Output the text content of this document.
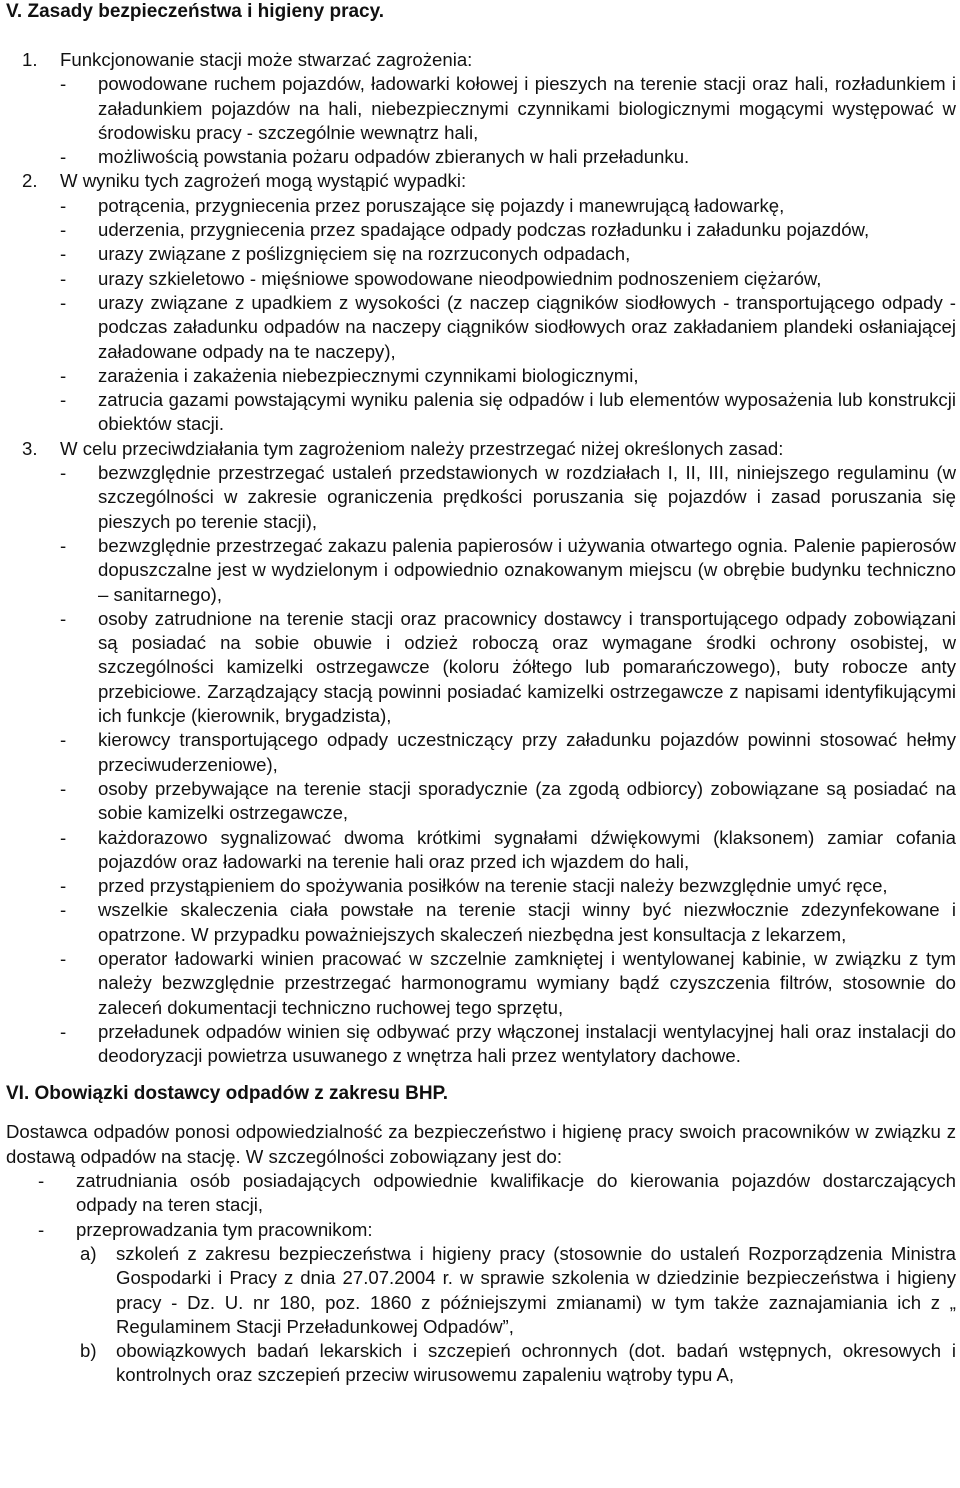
V. Zasady bezpieczeństwa i higieny pracy.
1.	Funkcjonowanie stacji może stwarzać zagrożenia:

-	powodowane ruchem pojazdów, ładowarki kołowej i pieszych na terenie stacji oraz hali, rozładunkiem i załadunkiem pojazdów na hali, niebezpiecznymi czynnikami biologicznymi mogącymi występować w środowisku pracy - szczególnie wewnątrz hali,
-	możliwością powstania pożaru odpadów zbieranych w hali przeładunku.
2.	W wyniku tych zagrożeń mogą wystąpić wypadki:

-	potrącenia, przygniecenia przez poruszające się pojazdy i manewrującą ładowarkę,
-	uderzenia, przygniecenia przez spadające odpady podczas rozładunku i załadunku pojazdów,
-	urazy związane z poślizgnięciem się na rozrzuconych odpadach,
-	urazy szkieletowo - mięśniowe spowodowane nieodpowiednim podnoszeniem ciężarów,
-	urazy związane z upadkiem z wysokości (z naczep ciągników siodłowych - transportującego odpady - podczas załadunku odpadów na naczepy ciągników siodłowych oraz zakładaniem plandeki osłaniającej załadowane odpady na te naczepy),
-	zarażenia i zakażenia niebezpiecznymi czynnikami biologicznymi,
-	zatrucia gazami powstającymi wyniku palenia się odpadów i lub elementów wyposażenia lub konstrukcji obiektów stacji.
3.	W celu przeciwdziałania tym zagrożeniom należy przestrzegać niżej określonych zasad:

-	bezwzględnie przestrzegać ustaleń przedstawionych w rozdziałach I, II, III, niniejszego regulaminu (w szczególności w zakresie ograniczenia prędkości poruszania się pojazdów i zasad poruszania się pieszych po terenie stacji),
-	bezwzględnie przestrzegać zakazu palenia papierosów i używania otwartego ognia. Palenie papierosów dopuszczalne jest w wydzielonym i odpowiednio oznakowanym miejscu (w obrębie budynku techniczno – sanitarnego),
-	osoby zatrudnione na terenie stacji oraz pracownicy dostawcy i transportującego odpady zobowiązani są posiadać na sobie obuwie i odzież roboczą oraz wymagane środki ochrony osobistej, w szczególności kamizelki ostrzegawcze (koloru żółtego lub pomarańczowego), buty robocze anty przebiciowe. Zarządzający stacją powinni posiadać kamizelki ostrzegawcze z napisami identyfikującymi ich funkcje (kierownik, brygadzista),
-	kierowcy transportującego odpady uczestniczący przy załadunku pojazdów powinni stosować hełmy przeciwuderzeniowe),
-	osoby przebywające na terenie stacji sporadycznie (za zgodą odbiorcy) zobowiązane są posiadać na sobie kamizelki ostrzegawcze,
-	każdorazowo sygnalizować dwoma krótkimi sygnałami dźwiękowymi (klaksonem) zamiar cofania pojazdów oraz ładowarki na terenie hali oraz przed ich wjazdem do hali,
-	przed przystąpieniem do spożywania posiłków na terenie stacji należy bezwzględnie umyć ręce,
-	wszelkie skaleczenia ciała powstałe na terenie stacji winny być niezwłocznie zdezynfekowane i opatrzone. W przypadku poważniejszych skaleczeń niezbędna jest konsultacja z lekarzem,
-	operator ładowarki winien pracować w szczelnie zamkniętej i wentylowanej kabinie, w związku z tym należy bezwzględnie przestrzegać harmonogramu wymiany bądź czyszczenia filtrów, stosownie do zaleceń dokumentacji techniczno ruchowej tego sprzętu,
-	przeładunek odpadów winien się odbywać przy włączonej instalacji wentylacyjnej hali oraz instalacji do deodoryzacji powietrza usuwanego z wnętrza hali przez wentylatory dachowe.
VI. Obowiązki dostawcy odpadów z zakresu BHP.

Dostawca odpadów ponosi odpowiedzialność za bezpieczeństwo i higienę pracy swoich pracowników w związku z dostawą odpadów na stację. W szczególności zobowiązany jest do:

-	zatrudniania osób posiadających odpowiednie kwalifikacje do kierowania pojazdów dostarczających odpady na teren stacji,
-	przeprowadzania tym pracownikom:
a)	szkoleń z zakresu bezpieczeństwa i higieny pracy (stosownie do ustaleń Rozporządzenia Ministra Gospodarki i Pracy z dnia 27.07.2004 r. w sprawie szkolenia w dziedzinie bezpieczeństwa i higieny pracy - Dz. U. nr 180, poz. 1860 z późniejszymi zmianami) w tym także zaznajamiania ich z „ Regulaminem Stacji Przeładunkowej Odpadów”,
b)	obowiązkowych badań lekarskich i szczepień ochronnych (dot. badań wstępnych, okresowych i kontrolnych oraz szczepień przeciw wirusowemu zapaleniu wątroby typu A,
